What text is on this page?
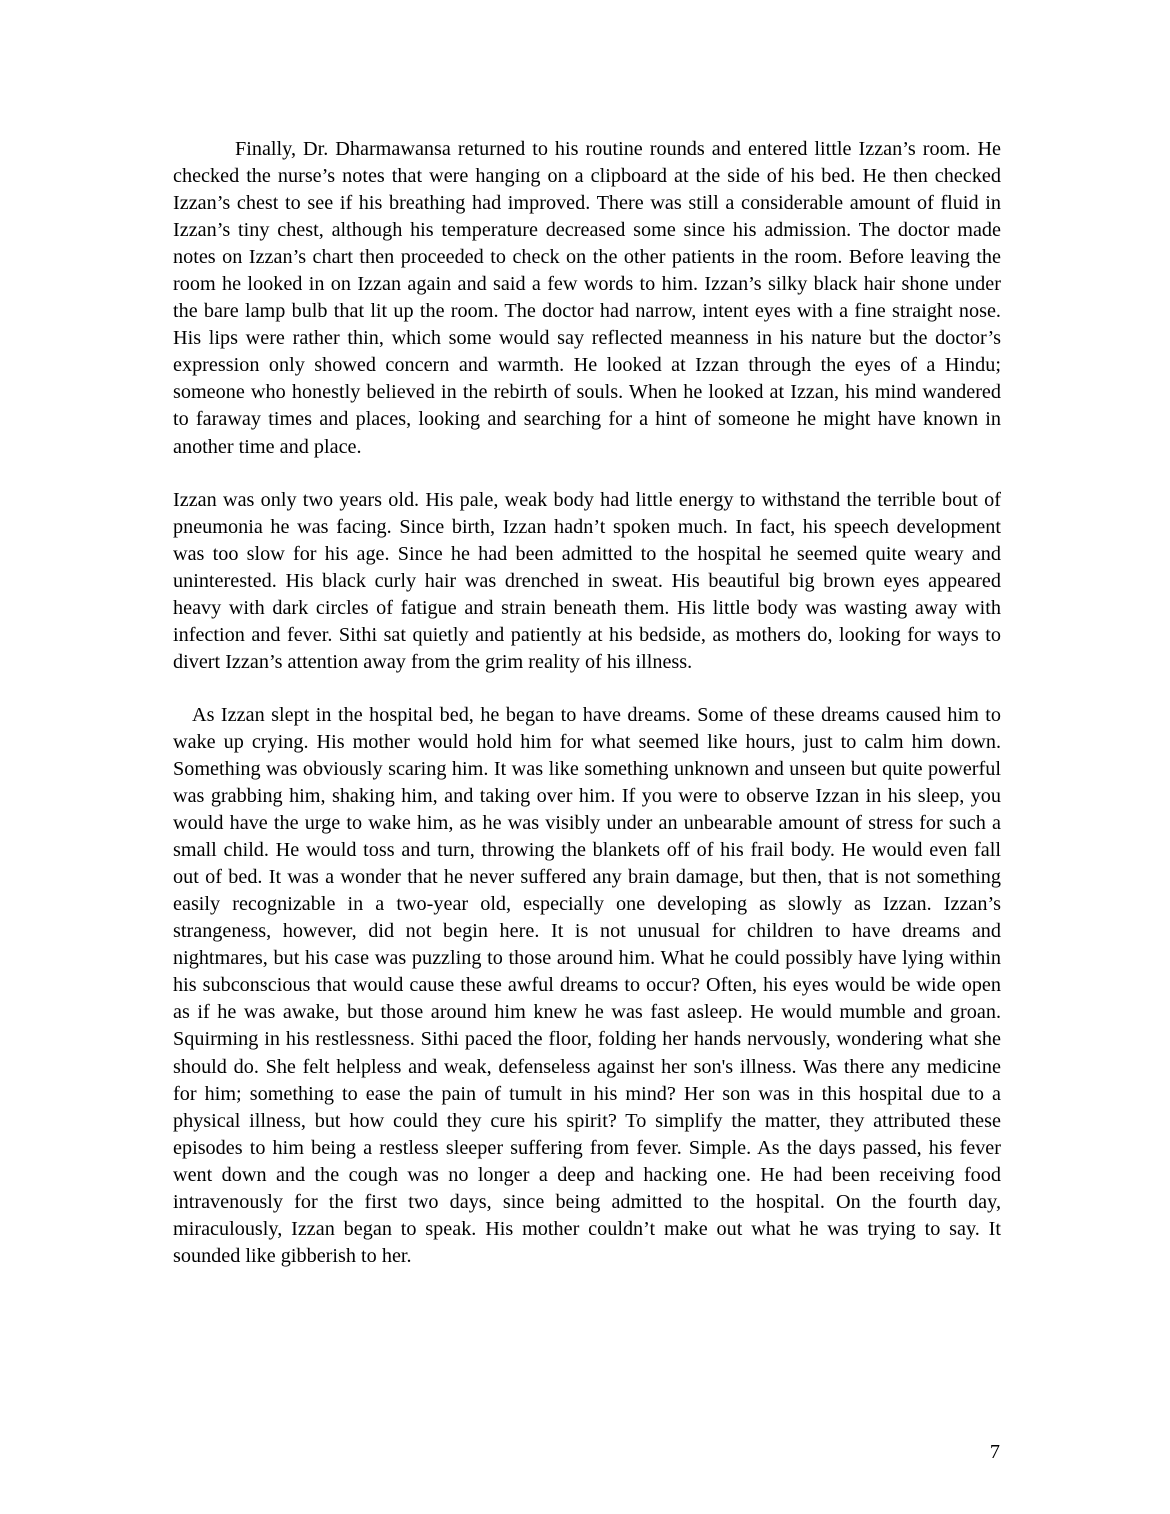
Finally, Dr. Dharmawansa returned to his routine rounds and entered little Izzan’s room. He checked the nurse’s notes that were hanging on a clipboard at the side of his bed. He then checked Izzan’s chest to see if his breathing had improved. There was still a considerable amount of fluid in Izzan’s tiny chest, although his temperature decreased some since his admission. The doctor made notes on Izzan’s chart then proceeded to check on the other patients in the room. Before leaving the room he looked in on Izzan again and said a few words to him. Izzan’s silky black hair shone under the bare lamp bulb that lit up the room. The doctor had narrow, intent eyes with a fine straight nose. His lips were rather thin, which some would say reflected meanness in his nature but the doctor’s expression only showed concern and warmth. He looked at Izzan through the eyes of a Hindu; someone who honestly believed in the rebirth of souls. When he looked at Izzan, his mind wandered to faraway times and places, looking and searching for a hint of someone he might have known in another time and place.

Izzan was only two years old. His pale, weak body had little energy to withstand the terrible bout of pneumonia he was facing. Since birth, Izzan hadn’t spoken much. In fact, his speech development was too slow for his age. Since he had been admitted to the hospital he seemed quite weary and uninterested. His black curly hair was drenched in sweat. His beautiful big brown eyes appeared heavy with dark circles of fatigue and strain beneath them. His little body was wasting away with infection and fever. Sithi sat quietly and patiently at his bedside, as mothers do, looking for ways to divert Izzan’s attention away from the grim reality of his illness.

As Izzan slept in the hospital bed, he began to have dreams. Some of these dreams caused him to wake up crying. His mother would hold him for what seemed like hours, just to calm him down. Something was obviously scaring him. It was like something unknown and unseen but quite powerful was grabbing him, shaking him, and taking over him. If you were to observe Izzan in his sleep, you would have the urge to wake him, as he was visibly under an unbearable amount of stress for such a small child. He would toss and turn, throwing the blankets off of his frail body. He would even fall out of bed. It was a wonder that he never suffered any brain damage, but then, that is not something easily recognizable in a two-year old, especially one developing as slowly as Izzan. Izzan’s strangeness, however, did not begin here. It is not unusual for children to have dreams and nightmares, but his case was puzzling to those around him. What he could possibly have lying within his subconscious that would cause these awful dreams to occur? Often, his eyes would be wide open as if he was awake, but those around him knew he was fast asleep. He would mumble and groan. Squirming in his restlessness. Sithi paced the floor, folding her hands nervously, wondering what she should do. She felt helpless and weak, defenseless against her son's illness. Was there any medicine for him; something to ease the pain of tumult in his mind? Her son was in this hospital due to a physical illness, but how could they cure his spirit? To simplify the matter, they attributed these episodes to him being a restless sleeper suffering from fever. Simple. As the days passed, his fever went down and the cough was no longer a deep and hacking one. He had been receiving food intravenously for the first two days, since being admitted to the hospital. On the fourth day, miraculously, Izzan began to speak. His mother couldn’t make out what he was trying to say. It sounded like gibberish to her.

7
